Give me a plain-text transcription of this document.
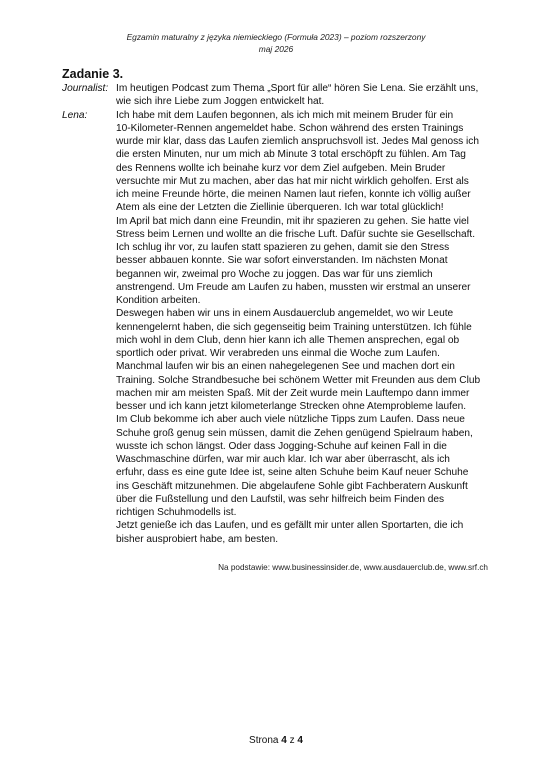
Egzamin maturalny z języka niemieckiego (Formuła 2023) – poziom rozszerzony
maj 2026
Zadanie 3.
Journalist: Im heutigen Podcast zum Thema „Sport für alle“ hören Sie Lena. Sie erzählt uns,
wie sich ihre Liebe zum Joggen entwickelt hat.
Lena:	Ich habe mit dem Laufen begonnen, als ich mich mit meinem Bruder für ein
10-Kilometer-Rennen angemeldet habe. Schon während des ersten Trainings
wurde mir klar, dass das Laufen ziemlich anspruchsvoll ist. Jedes Mal genoss ich
die ersten Minuten, nur um mich ab Minute 3 total erschöpft zu fühlen. Am Tag
des Rennens wollte ich beinahe kurz vor dem Ziel aufgeben. Mein Bruder
versuchte mir Mut zu machen, aber das hat mir nicht wirklich geholfen. Erst als
ich meine Freunde hörte, die meinen Namen laut riefen, konnte ich völlig außer
Atem als eine der Letzten die Ziellinie überqueren. Ich war total glücklich!
Im April bat mich dann eine Freundin, mit ihr spazieren zu gehen. Sie hatte viel
Stress beim Lernen und wollte an die frische Luft. Dafür suchte sie Gesellschaft.
Ich schlug ihr vor, zu laufen statt spazieren zu gehen, damit sie den Stress
besser abbauen konnte. Sie war sofort einverstanden. Im nächsten Monat
begannen wir, zweimal pro Woche zu joggen. Das war für uns ziemlich
anstrengend. Um Freude am Laufen zu haben, mussten wir erstmal an unserer
Kondition arbeiten.
Deswegen haben wir uns in einem Ausdauerclub angemeldet, wo wir Leute
kennengelernt haben, die sich gegenseitig beim Training unterstützen. Ich fühle
mich wohl in dem Club, denn hier kann ich alle Themen ansprechen, egal ob
sportlich oder privat. Wir verabreden uns einmal die Woche zum Laufen.
Manchmal laufen wir bis an einen nahegelegenen See und machen dort ein
Training. Solche Strandbesuche bei schönem Wetter mit Freunden aus dem Club
machen mir am meisten Spaß. Mit der Zeit wurde mein Lauftempo dann immer
besser und ich kann jetzt kilometerlange Strecken ohne Atemprobleme laufen.
Im Club bekomme ich aber auch viele nützliche Tipps zum Laufen. Dass neue
Schuhe groß genug sein müssen, damit die Zehen genügend Spielraum haben,
wusste ich schon längst. Oder dass Jogging-Schuhe auf keinen Fall in die
Waschmaschine dürfen, war mir auch klar. Ich war aber überrascht, als ich
erfuhr, dass es eine gute Idee ist, seine alten Schuhe beim Kauf neuer Schuhe
ins Geschäft mitzunehmen. Die abgelaufene Sohle gibt Fachberatern Auskunft
über die Fußstellung und den Laufstil, was sehr hilfreich beim Finden des
richtigen Schuhmodells ist.
Jetzt genieße ich das Laufen, und es gefällt mir unter allen Sportarten, die ich
bisher ausprobiert habe, am besten.
Na podstawie: www.businessinsider.de, www.ausdauerclub.de, www.srf.ch
Strona 4 z 4
